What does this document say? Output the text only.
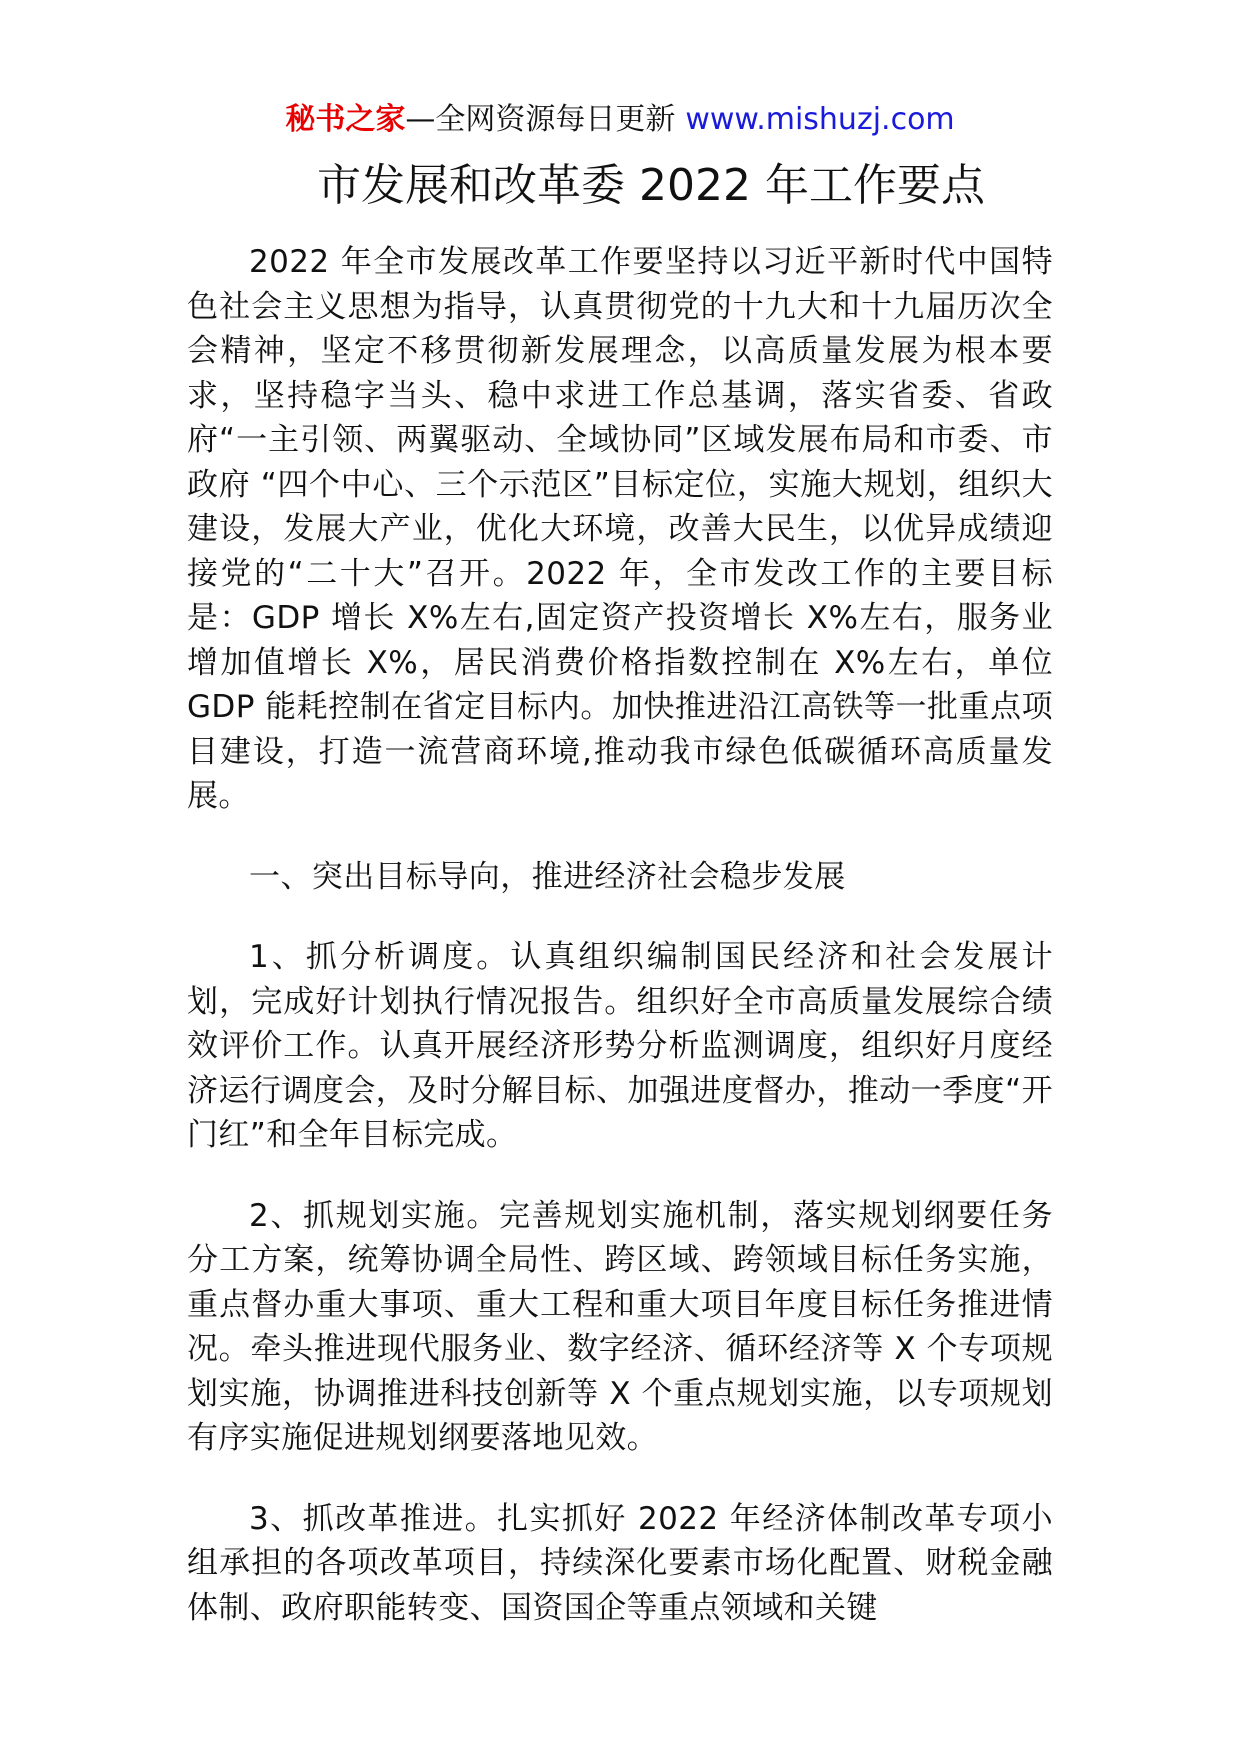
秘书之家—全网资源每日更新 www.mishuzj.com
市发展和改革委 2022 年工作要点

2022 年全市发展改革工作要坚持以习近平新时代中国特色社会主义思想为指导，认真贯彻党的十九大和十九届历次全会精神，坚定不移贯彻新发展理念，以高质量发展为根本要求，坚持稳字当头、稳中求进工作总基调，落实省委、省政府“一主引领、两翼驱动、全域协同”区域发展布局和市委、市政府 “四个中心、三个示范区”目标定位，实施大规划，组织大建设，发展大产业，优化大环境，改善大民生，以优异成绩迎接党的“二十大”召开。2022 年，全市发改工作的主要目标是：GDP 增长 X%左右,固定资产投资增长 X%左右，服务业增加值增长 X%，居民消费价格指数控制在 X%左右，单位 GDP 能耗控制在省定目标内。加快推进沿江高铁等一批重点项目建设，打造一流营商环境,推动我市绿色低碳循环高质量发展。

一、突出目标导向，推进经济社会稳步发展

1、抓分析调度。认真组织编制国民经济和社会发展计划，完成好计划执行情况报告。组织好全市高质量发展综合绩效评价工作。认真开展经济形势分析监测调度，组织好月度经济运行调度会，及时分解目标、加强进度督办，推动一季度“开门红”和全年目标完成。

2、抓规划实施。完善规划实施机制，落实规划纲要任务分工方案，统筹协调全局性、跨区域、跨领域目标任务实施，重点督办重大事项、重大工程和重大项目年度目标任务推进情况。牵头推进现代服务业、数字经济、循环经济等 X 个专项规划实施，协调推进科技创新等 X 个重点规划实施，以专项规划有序实施促进规划纲要落地见效。

3、抓改革推进。扎实抓好 2022 年经济体制改革专项小组承担的各项改革项目，持续深化要素市场化配置、财税金融体制、政府职能转变、国资国企等重点领域和关键
